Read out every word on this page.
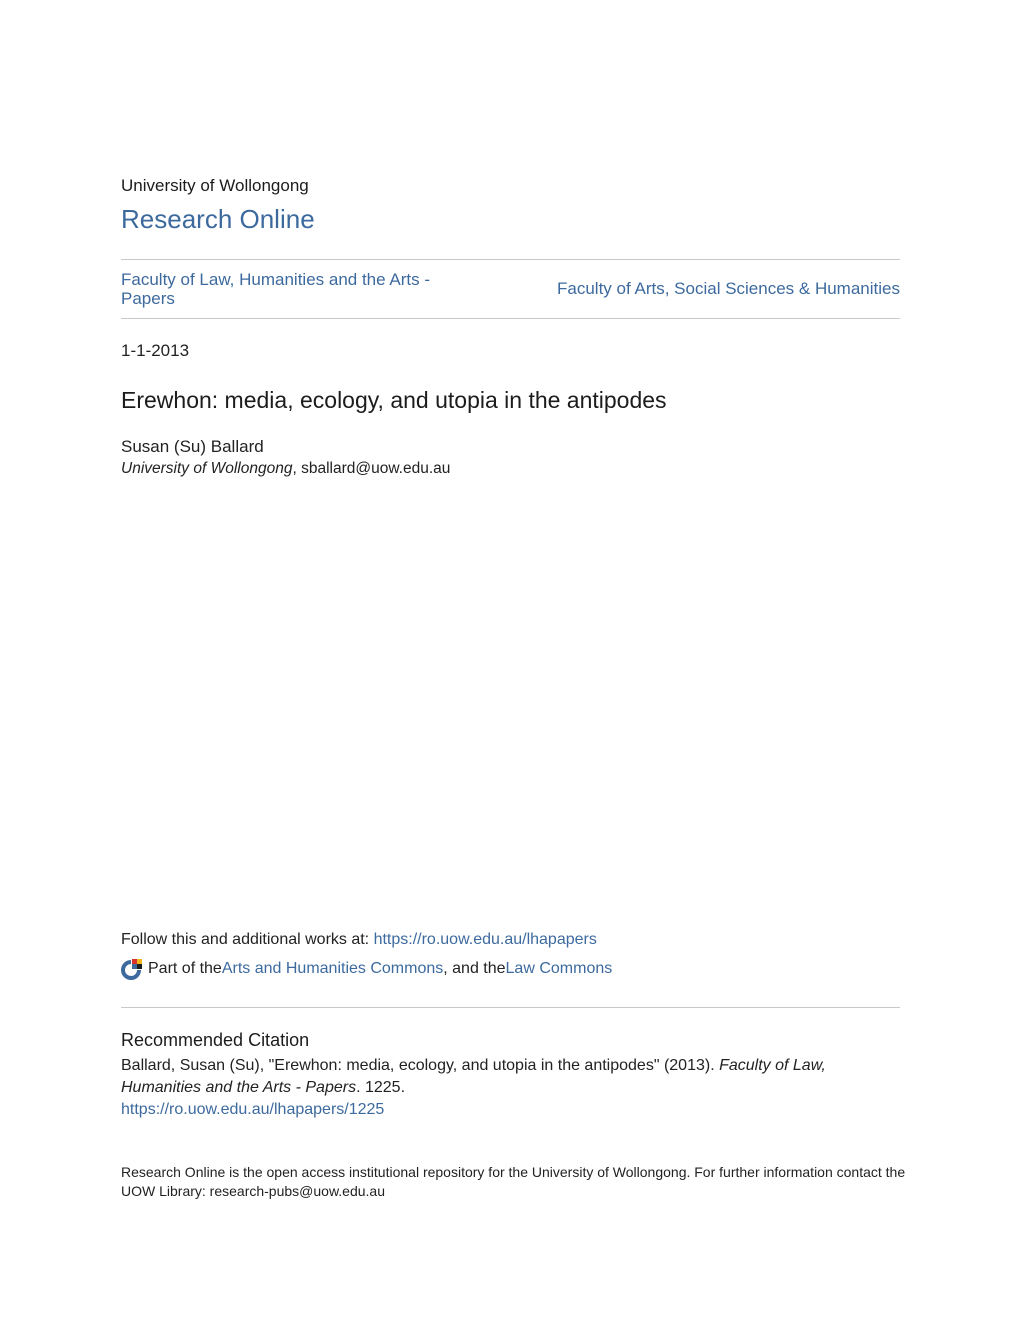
University of Wollongong
Research Online
Faculty of Law, Humanities and the Arts - Papers
Faculty of Arts, Social Sciences & Humanities
1-1-2013
Erewhon: media, ecology, and utopia in the antipodes
Susan (Su) Ballard
University of Wollongong, sballard@uow.edu.au
Follow this and additional works at: https://ro.uow.edu.au/lhapapers
Part of the Arts and Humanities Commons , and the Law Commons
Recommended Citation
Ballard, Susan (Su), "Erewhon: media, ecology, and utopia in the antipodes" (2013). Faculty of Law, Humanities and the Arts - Papers. 1225.
https://ro.uow.edu.au/lhapapers/1225
Research Online is the open access institutional repository for the University of Wollongong. For further information contact the UOW Library: research-pubs@uow.edu.au
